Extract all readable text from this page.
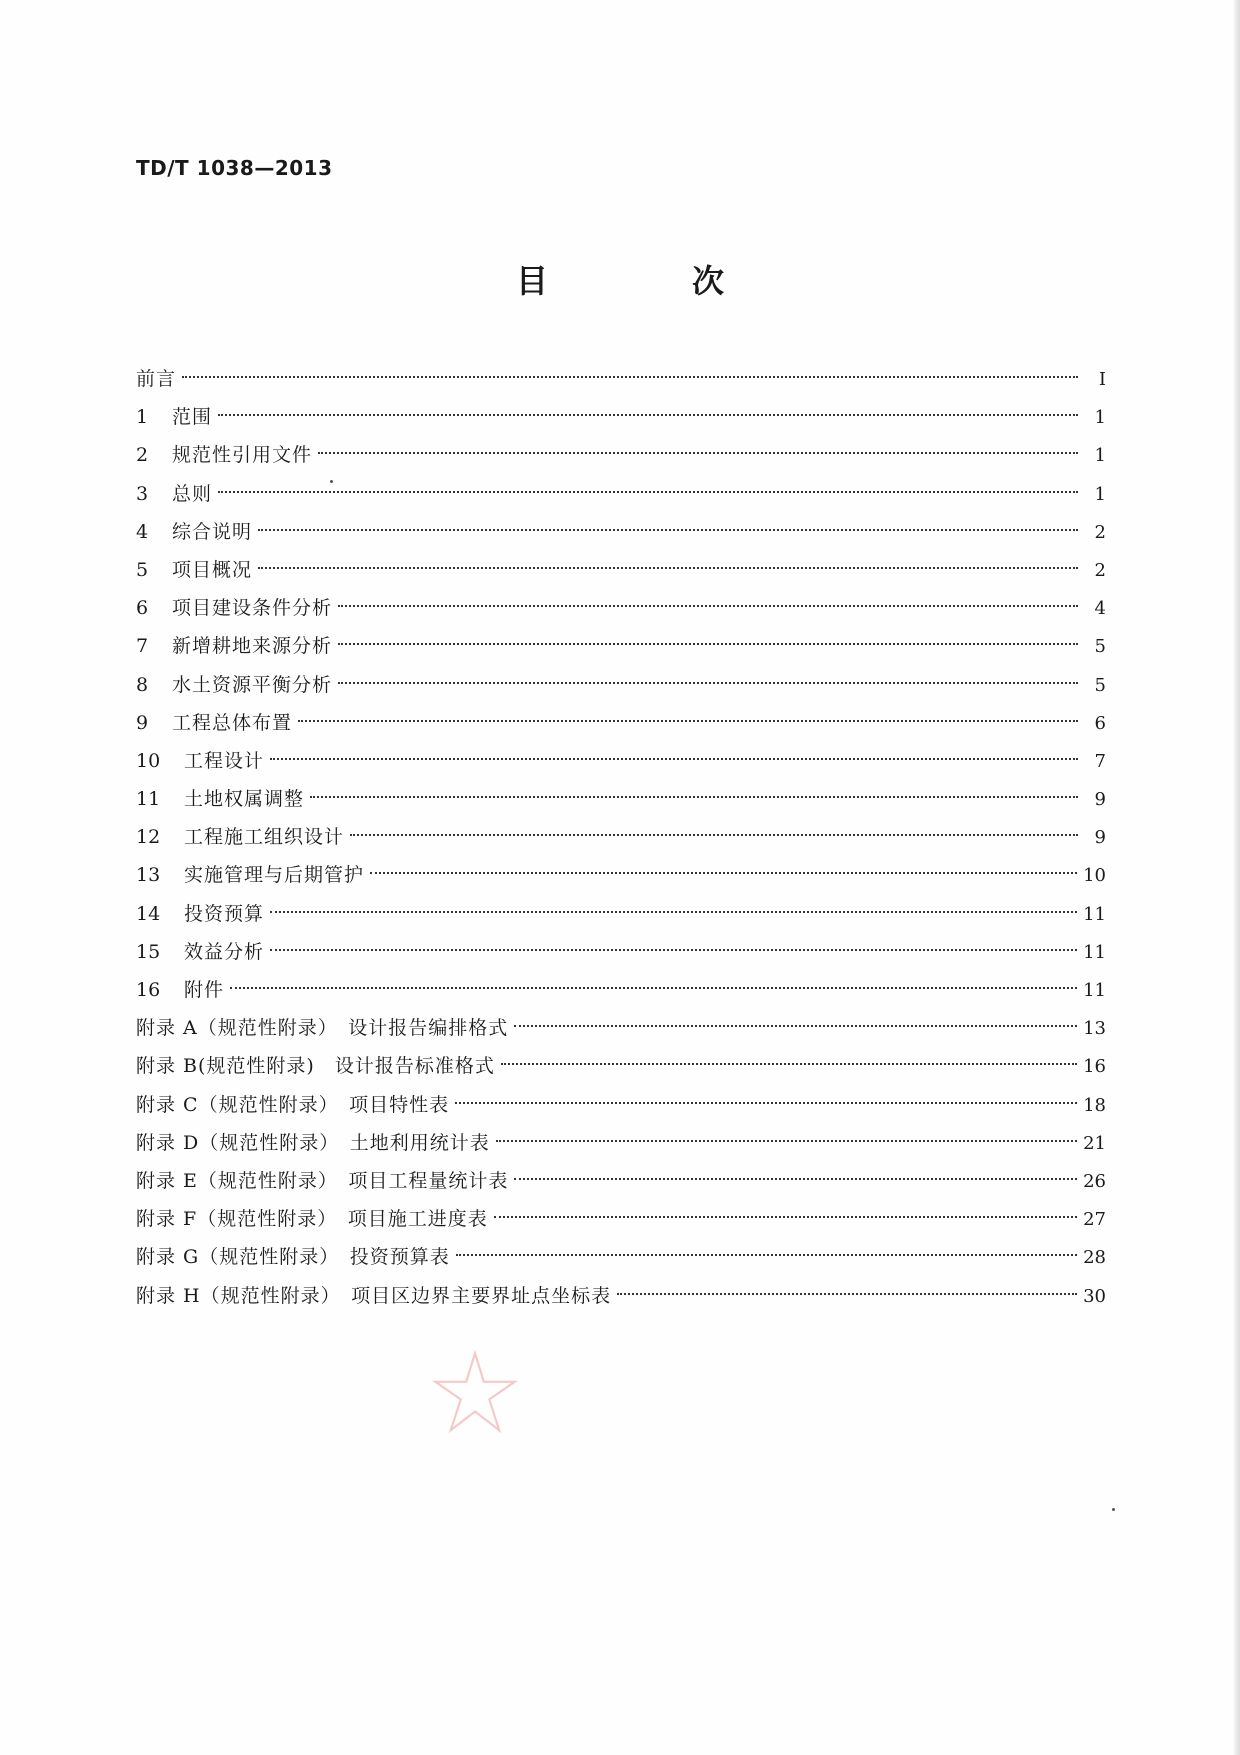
TD/T 1038—2013
目　次
前言	Ⅰ
1	范围	1
2	规范性引用文件	1
3	总则	1
4	综合说明	2
5	项目概况	2
6	项目建设条件分析	4
7	新增耕地来源分析	5
8	水土资源平衡分析	5
9	工程总体布置	6
10	工程设计	7
11	土地权属调整	9
12	工程施工组织设计	9
13	实施管理与后期管护	10
14	投资预算	11
15	效益分析	11
16	附件	11
附录 A（规范性附录）　设计报告编排格式	13
附录 B(规范性附录)　设计报告标准格式	16
附录 C（规范性附录）　项目特性表	18
附录 D（规范性附录）　土地利用统计表	21
附录 E（规范性附录）　项目工程量统计表	26
附录 F（规范性附录）　项目施工进度表	27
附录 G（规范性附录）　投资预算表	28
附录 H（规范性附录）　项目区边界主要界址点坐标表	30
